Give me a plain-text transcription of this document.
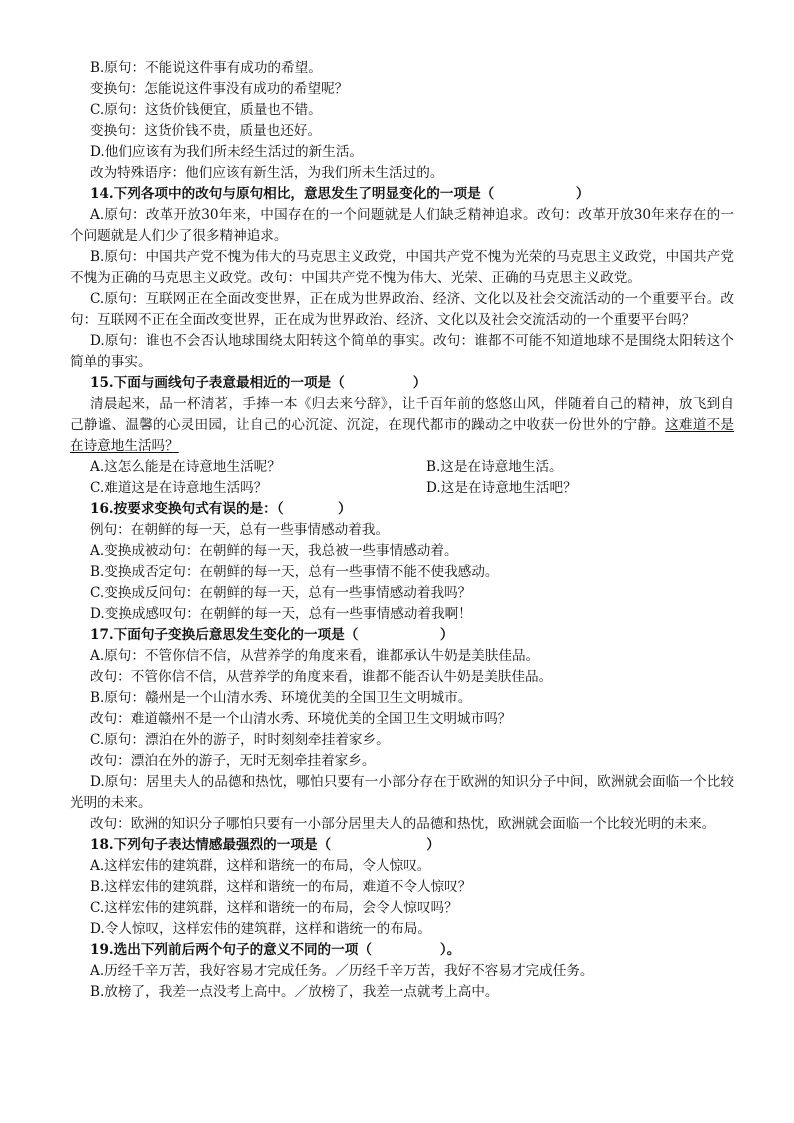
B.原句：不能说这件事有成功的希望。
变换句：怎能说这件事没有成功的希望呢？
C.原句：这货价钱便宜，质量也不错。
变换句：这货价钱不贵，质量也还好。
D.他们应该有为我们所未经生活过的新生活。
改为特殊语序：他们应该有新生活，为我们所未生活过的。
14.下列各项中的改句与原句相比，意思发生了明显变化的一项是（　　　　　　）
A.原句：改革开放30年来，中国存在的一个问题就是人们缺乏精神追求。改句：改革开放30年来存在的一个问题就是人们少了很多精神追求。
B.原句：中国共产党不愧为伟大的马克思主义政党，中国共产党不愧为光荣的马克思主义政党，中国共产党不愧为正确的马克思主义政党。改句：中国共产党不愧为伟大、光荣、正确的马克思主义政党。
C.原句：互联网正在全面改变世界，正在成为世界政治、经济、文化以及社会交流活动的一个重要平台。改句：互联网不正在全面改变世界，正在成为世界政治、经济、文化以及社会交流活动的一个重要平台吗？
D.原句：谁也不会否认地球围绕太阳转这个简单的事实。改句：谁都不可能不知道地球不是围绕太阳转这个简单的事实。
15.下面与画线句子表意最相近的一项是（　　　　　）
清晨起来，品一杯清茗，手捧一本《归去来兮辞》，让千百年前的悠悠山风，伴随着自己的精神，放飞到自己静谧、温馨的心灵田园，让自己的心沉淀、沉淀，在现代都市的躁动之中收获一份世外的宁静。这难道不是在诗意地生活吗？
A.这怎么能是在诗意地生活呢？	B.这是在诗意地生活。
C.难道这是在诗意地生活吗？	D.这是在诗意地生活吧？
16.按要求变换句式有误的是：（　　　　）
例句：在朝鲜的每一天，总有一些事情感动着我。
A.变换成被动句：在朝鲜的每一天，我总被一些事情感动着。
B.变换成否定句：在朝鲜的每一天，总有一些事情不能不使我感动。
C.变换成反问句：在朝鲜的每一天，总有一些事情感动着我吗？
D.变换成感叹句：在朝鲜的每一天，总有一些事情感动着我啊！
17.下面句子变换后意思发生变化的一项是（　　　　　　）
A.原句：不管你信不信，从营养学的角度来看，谁都承认牛奶是美肤佳品。
改句：不管你信不信，从营养学的角度来看，谁都不能否认牛奶是美肤佳品。
B.原句：赣州是一个山清水秀、环境优美的全国卫生文明城市。
改句：难道赣州不是一个山清水秀、环境优美的全国卫生文明城市吗？
C.原句：漂泊在外的游子，时时刻刻牵挂着家乡。
改句：漂泊在外的游子，无时无刻牵挂着家乡。
D.原句：居里夫人的品德和热忱，哪怕只要有一小部分存在于欧洲的知识分子中间，欧洲就会面临一个比较光明的未来。
改句：欧洲的知识分子哪怕只要有一小部分居里夫人的品德和热忱，欧洲就会面临一个比较光明的未来。
18.下列句子表达情感最强烈的一项是（　　　　　　　）
A.这样宏伟的建筑群，这样和谐统一的布局，令人惊叹。
B.这样宏伟的建筑群，这样和谐统一的布局，难道不令人惊叹？
C.这样宏伟的建筑群，这样和谐统一的布局，会令人惊叹吗？
D.令人惊叹，这样宏伟的建筑群，这样和谐统一的布局。
19.选出下列前后两个句子的意义不同的一项（　　　　　）。
A.历经千辛万苦，我好容易才完成任务。／历经千辛万苦，我好不容易才完成任务。
B.放榜了，我差一点没考上高中。／放榜了，我差一点就考上高中。
